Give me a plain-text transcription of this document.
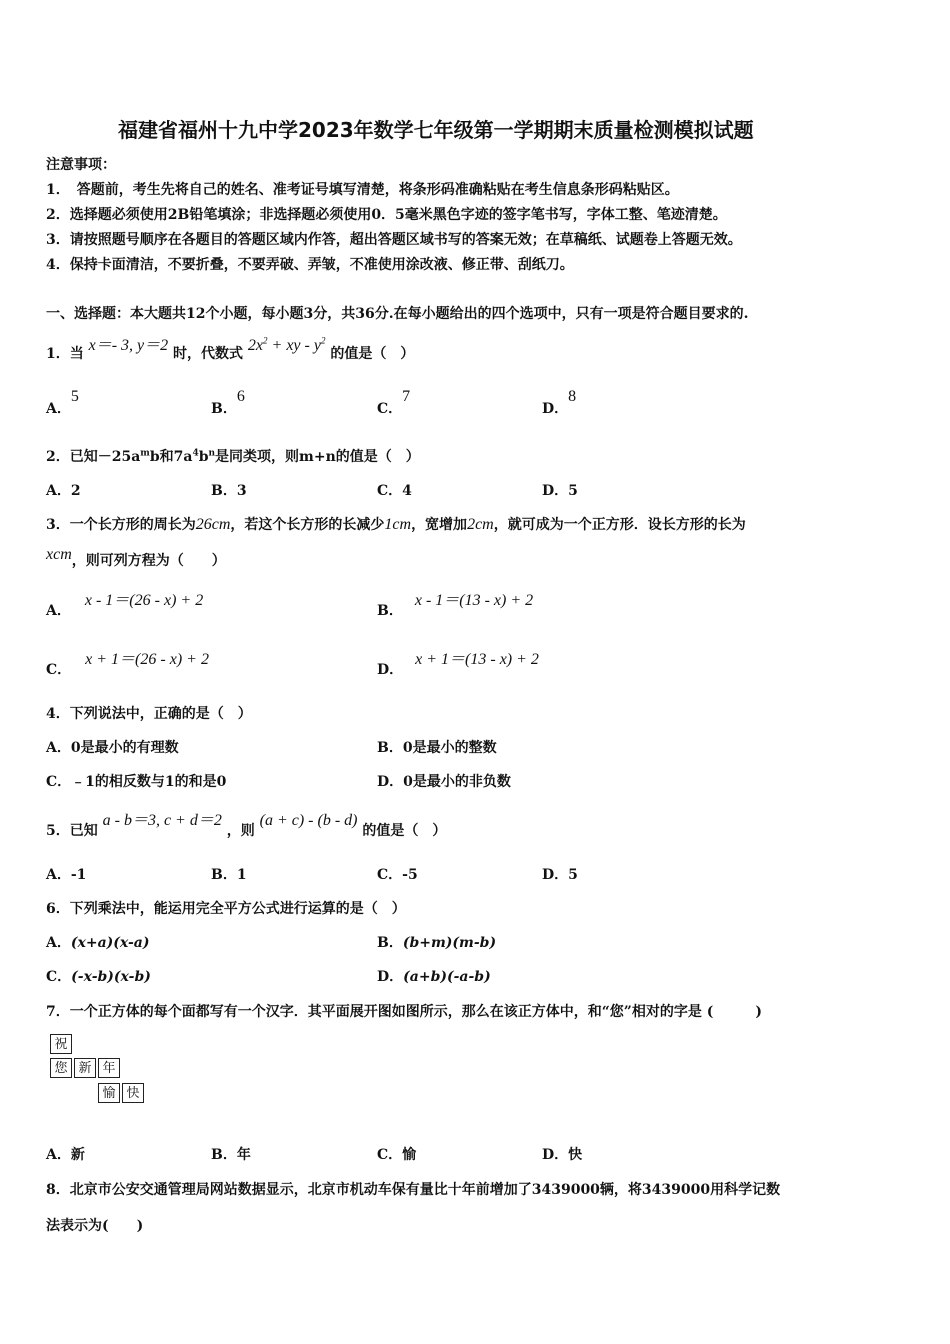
福建省福州十九中学2023年数学七年级第一学期期末质量检测模拟试题
注意事项：
1．　答题前，考生先将自己的姓名、准考证号填写清楚，将条形码准确粘贴在考生信息条形码粘贴区。
2．选择题必须使用2B铅笔填涂；非选择题必须使用0．5毫米黑色字迹的签字笔书写，字体工整、笔迹清楚。
3．请按照题号顺序在各题目的答题区域内作答，超出答题区域书写的答案无效；在草稿纸、试题卷上答题无效。
4．保持卡面清洁，不要折叠，不要弄破、弄皱，不准使用涂改液、修正带、刮纸刀。
一、选择题：本大题共12个小题，每小题3分，共36分.在每小题给出的四个选项中，只有一项是符合题目要求的.
1．当 x＝- 3, y＝2 时，代数式 $2x^2$ + xy - $y^2$ 的值是（　）
A．5
B．6
C．7
D．8
2．已知$-25a^mb$和$7a^4b^n$是同类项，则m+n的值是（　）
A．2	B．3	C．4	D．5
3．一个长方形的周长为26cm，若这个长方形的长减少1cm，宽增加2cm，就可成为一个正方形．设长方形的长为
xcm，则可列方程为（　　）
A．x - 1＝(26 - x) + 2
B．x - 1＝(13 - x) + 2
C．x + 1＝(26 - x) + 2
D．x + 1＝(13 - x) + 2
4．下列说法中，正确的是（　）
A．0是最小的有理数	B．0是最小的整数
C．﹣1的相反数与1的和是0	D．0是最小的非负数
5．已知 a - b＝3, c + d＝2 ，则 (a + c) - (b - d) 的值是（　）
A．-1	B．1	C．-5	D．5
6．下列乘法中，能运用完全平方公式进行运算的是（　）
A．(x+a)(x-a)	B．(b+m)(m-b)
C．(-x-b)(x-b)	D．(a+b)(-a-b)
7．一个正方体的每个面都写有一个汉字．其平面展开图如图所示，那么在该正方体中，和“您”相对的字是 (　　　)
祝
您 新 年
愉 快
A．新	B．年	C．愉	D．快
8．北京市公安交通管理局网站数据显示，北京市机动车保有量比十年前增加了3439000辆，将3439000用科学记数
法表示为(　　)
